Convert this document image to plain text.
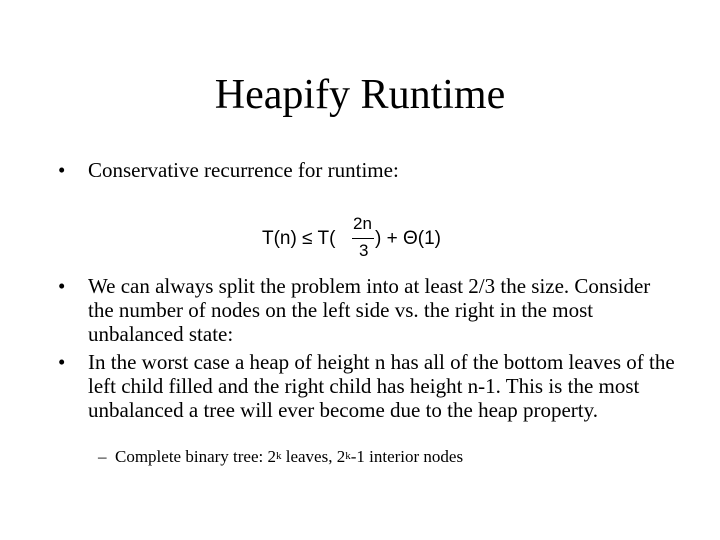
Heapify Runtime
• Conservative recurrence for runtime:
T(n) ≤ T(
2n
3
) + Θ(1)
• We can always split the problem into at least 2/3 the size. Consider the number of nodes on the left side vs. the right in the most unbalanced state:
• In the worst case a heap of height n has all of the bottom leaves of the left child filled and the right child has height n-1. This is the most unbalanced a tree will ever become due to the heap property.
– Complete binary tree: 2$^k$ leaves, 2$^k$-1 interior nodes
